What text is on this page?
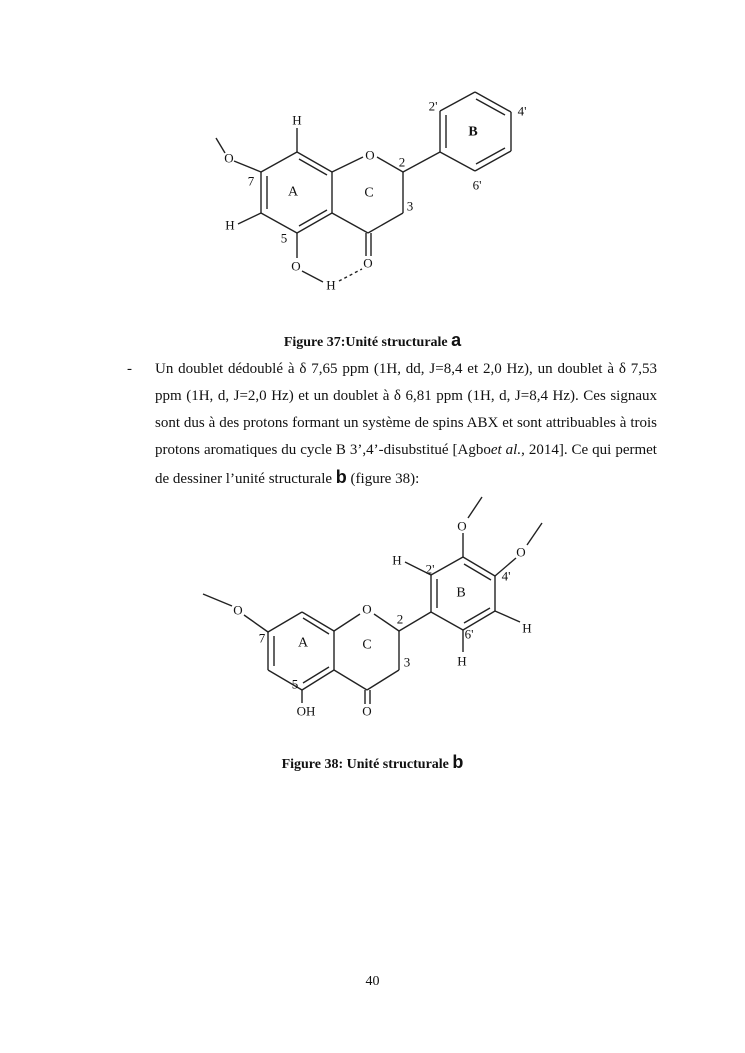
H
O
7
A	C
B
O 2
3
H
5
O	O
H
2'	4'
6'
O
7 A	C
B
O
2
3
5
OH	O
H
2'
O
O
4'
H
6'
H
Figure 37:Unité structurale a
- Un doublet dédoublé à δ 7,65 ppm (1H, dd, J=8,4 et 2,0 Hz), un doublet à δ 7,53 ppm (1H, d, J=2,0 Hz) et un doublet à δ 6,81 ppm (1H, d, J=8,4 Hz). Ces signaux sont dus à des protons formant un système de spins ABX et sont attribuables à trois protons aromatiques du cycle B 3’,4’-disubstitué [Agboet al., 2014]. Ce qui permet de dessiner l’unité structurale b (figure 38):
Figure 38: Unité structurale b
40
